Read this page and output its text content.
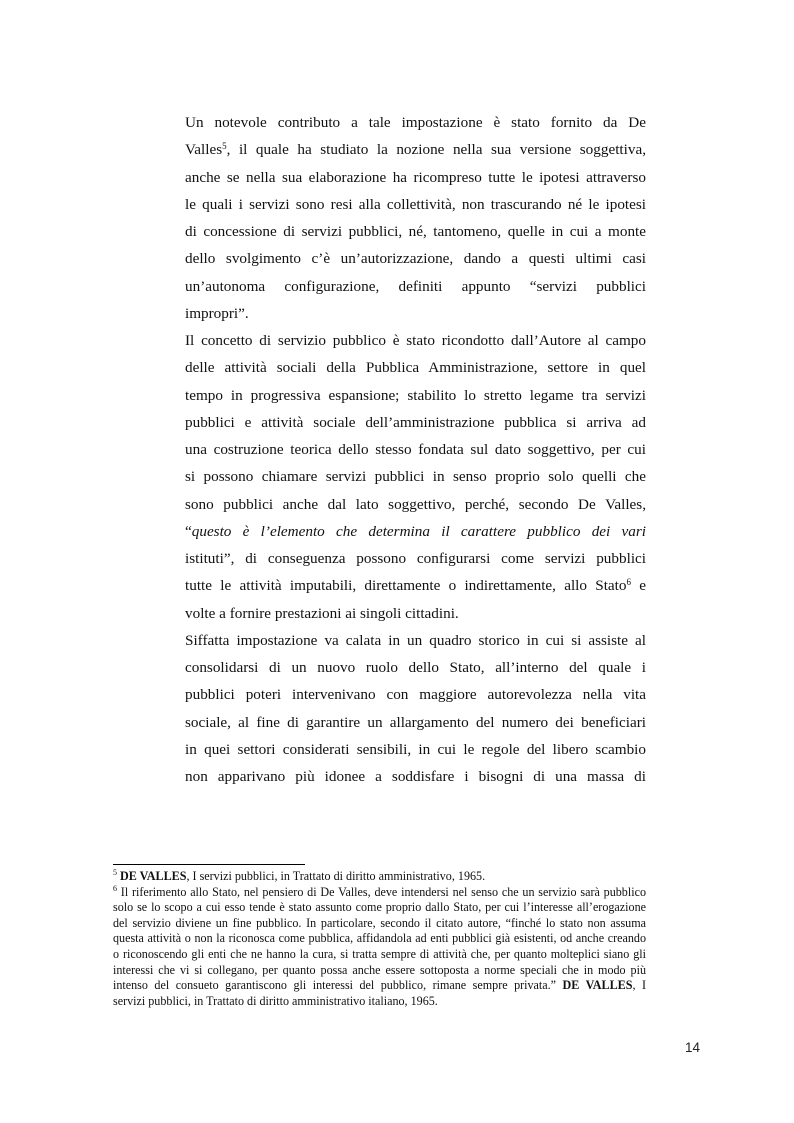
Un notevole contributo a tale impostazione è stato fornito da De
Valles$^5$, il quale ha studiato la nozione nella sua versione soggettiva,
anche se nella sua elaborazione ha ricompreso tutte le ipotesi attraverso
le quali i servizi sono resi alla collettività, non trascurando né le ipotesi
di concessione di servizi pubblici, né, tantomeno, quelle in cui a monte
dello svolgimento c’è un’autorizzazione, dando a questi ultimi casi
un’autonoma configurazione, definiti appunto “servizi pubblici
impropri”.
Il concetto di servizio pubblico è stato ricondotto dall’Autore al campo
delle attività sociali della Pubblica Amministrazione, settore in quel
tempo in progressiva espansione; stabilito lo stretto legame tra servizi
pubblici e attività sociale dell’amministrazione pubblica si arriva ad
una costruzione teorica dello stesso fondata sul dato soggettivo, per cui
si possono chiamare servizi pubblici in senso proprio solo quelli che
sono pubblici anche dal lato soggettivo, perché, secondo De Valles,
“questo è l’elemento che determina il carattere pubblico dei vari
istituti”, di conseguenza possono configurarsi come servizi pubblici
tutte le attività imputabili, direttamente o indirettamente, allo Stato$^6$ e
volte a fornire prestazioni ai singoli cittadini.
Siffatta impostazione va calata in un quadro storico in cui si assiste al
consolidarsi di un nuovo ruolo dello Stato, all’interno del quale i
pubblici poteri intervenivano con maggiore autorevolezza nella vita
sociale, al fine di garantire un allargamento del numero dei beneficiari
in quei settori considerati sensibili, in cui le regole del libero scambio
non apparivano più idonee a soddisfare i bisogni di una massa di
$^5$ DE VALLES, I servizi pubblici, in Trattato di diritto amministrativo, 1965.
$^6$ Il riferimento allo Stato, nel pensiero di De Valles, deve intendersi nel senso che un servizio sarà pubblico
solo se lo scopo a cui esso tende è stato assunto come proprio dallo Stato, per cui l’interesse all’erogazione
del servizio diviene un fine pubblico. In particolare, secondo il citato autore, “finché lo stato non assuma
questa attività o non la riconosca come pubblica, affidandola ad enti pubblici già esistenti, od anche creando
o riconoscendo gli enti che ne hanno la cura, si tratta sempre di attività che, per quanto molteplici siano gli
interessi che vi si collegano, per quanto possa anche essere sottoposta a norme speciali che in modo più
intenso del consueto garantiscono gli interessi del pubblico, rimane sempre privata.” DE VALLES, I
servizi pubblici, in Trattato di diritto amministrativo italiano, 1965.
14
